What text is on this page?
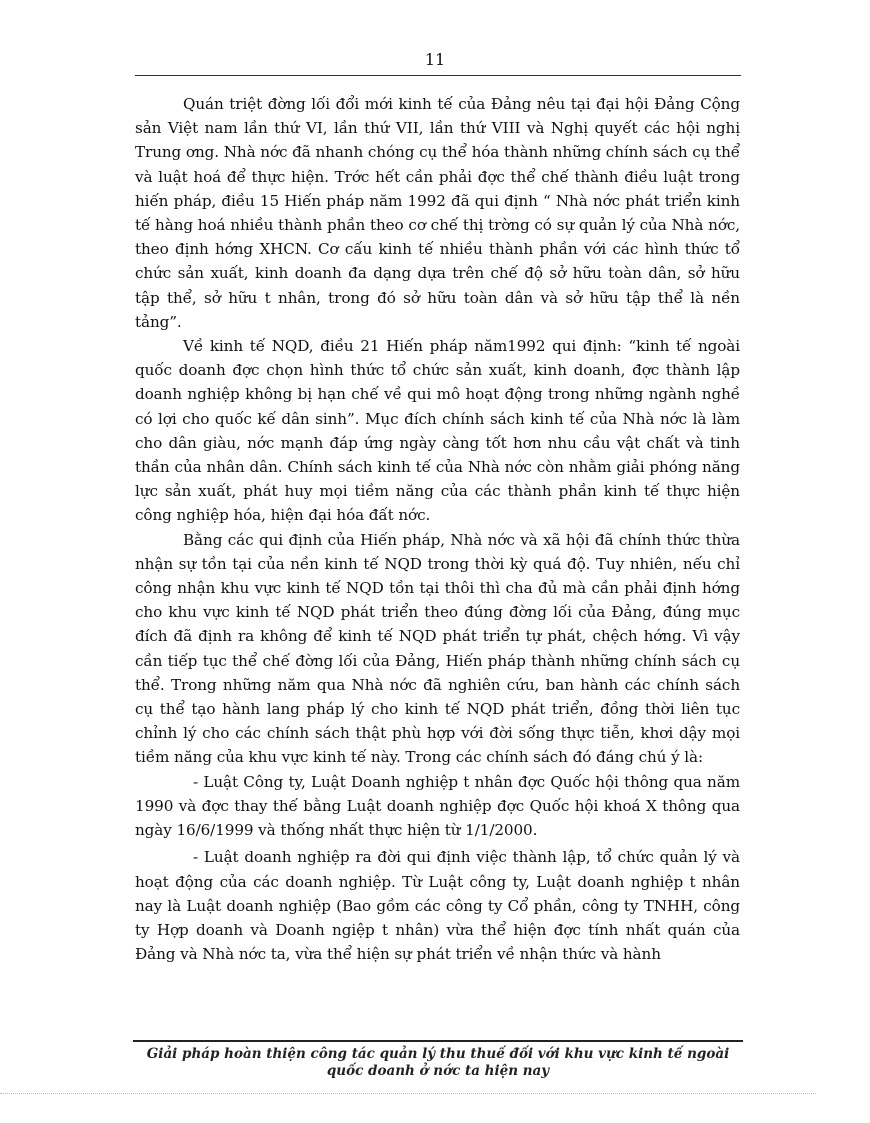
11

Quán triệt đờng lối đổi mới kinh tế của Đảng nêu tại đại hội Đảng Cộng sản Việt nam lần thứ VI, lần thứ VII, lần thứ VIII và Nghị quyết các hội nghị Trung ơng. Nhà nớc đã nhanh chóng cụ thể hóa thành những chính sách cụ thể và luật hoá để thực hiện. Trớc hết cần phải đợc thể chế thành điều luật trong hiến pháp, điều 15 Hiến pháp năm 1992 đã qui định “ Nhà nớc phát triển kinh tế hàng hoá nhiều thành phần theo cơ chế thị trờng có sự quản lý của Nhà nớc, theo định hớng XHCN. Cơ cấu kinh tế nhiều thành phần với các hình thức tổ chức sản xuất, kinh doanh đa dạng dựa trên chế độ sở hữu toàn dân, sở hữu tập thể, sở hữu t nhân, trong đó sở hữu toàn dân và sở hữu tập thể là nền tảng”.

Về kinh tế NQD, điều 21 Hiến pháp năm1992 qui định: “kinh tế ngoài quốc doanh đợc chọn hình thức tổ chức sản xuất, kinh doanh, đợc thành lập doanh nghiệp không bị hạn chế về qui mô hoạt động trong những ngành nghề có lợi cho quốc kế dân sinh”. Mục đích chính sách kinh tế của Nhà nớc là làm cho dân giàu, nớc mạnh đáp ứng ngày càng tốt hơn nhu cầu vật chất và tinh thần của nhân dân. Chính sách kinh tế của Nhà nớc còn nhằm giải phóng năng lực sản xuất, phát huy mọi tiềm năng của các thành phần kinh tế thực hiện công nghiệp hóa, hiện đại hóa đất nớc.

Bằng các qui định của Hiến pháp, Nhà nớc và xã hội đã chính thức thừa nhận sự tồn tại của nền kinh tế NQD trong thời kỳ quá độ. Tuy nhiên, nếu chỉ công nhận khu vực kinh tế NQD tồn tại thôi thì cha đủ mà cần phải định hớng cho khu vực kinh tế NQD phát triển theo đúng đờng lối của Đảng, đúng mục đích đã định ra không để kinh tế NQD phát triển tự phát, chệch hớng. Vì vậy cần tiếp tục thể chế đờng lối của Đảng, Hiến pháp thành những chính sách cụ thể. Trong những năm qua Nhà nớc đã nghiên cứu, ban hành các chính sách cụ thể tạo hành lang pháp lý cho kinh tế NQD phát triển, đồng thời liên tục chỉnh lý cho các chính sách thật phù hợp với đời sống thực tiễn, khơi dậy mọi tiềm năng của khu vực kinh tế này. Trong các chính sách đó đáng chú ý là:

- Luật Công ty, Luật Doanh nghiệp t nhân đợc Quốc hội thông qua năm 1990 và đợc thay thế bằng Luật doanh nghiệp đợc Quốc hội khoá X thông qua ngày 16/6/1999 và thống nhất thực hiện từ 1/1/2000.

- Luật doanh nghiệp ra đời qui định việc thành lập, tổ chức quản lý và hoạt động của các doanh nghiệp. Từ Luật công ty, Luật doanh nghiệp t nhân nay là Luật doanh nghiệp (Bao gồm các công ty Cổ phần, công ty TNHH, công ty Hợp doanh và Doanh ngiệp t nhân) vừa thể hiện đợc tính nhất quán của Đảng và Nhà nớc ta, vừa thể hiện sự phát triển về nhận thức và hành

Giải pháp hoàn thiện công tác quản lý thu thuế đối với khu vực kinh tế ngoài quốc doanh ở nớc ta hiện nay
